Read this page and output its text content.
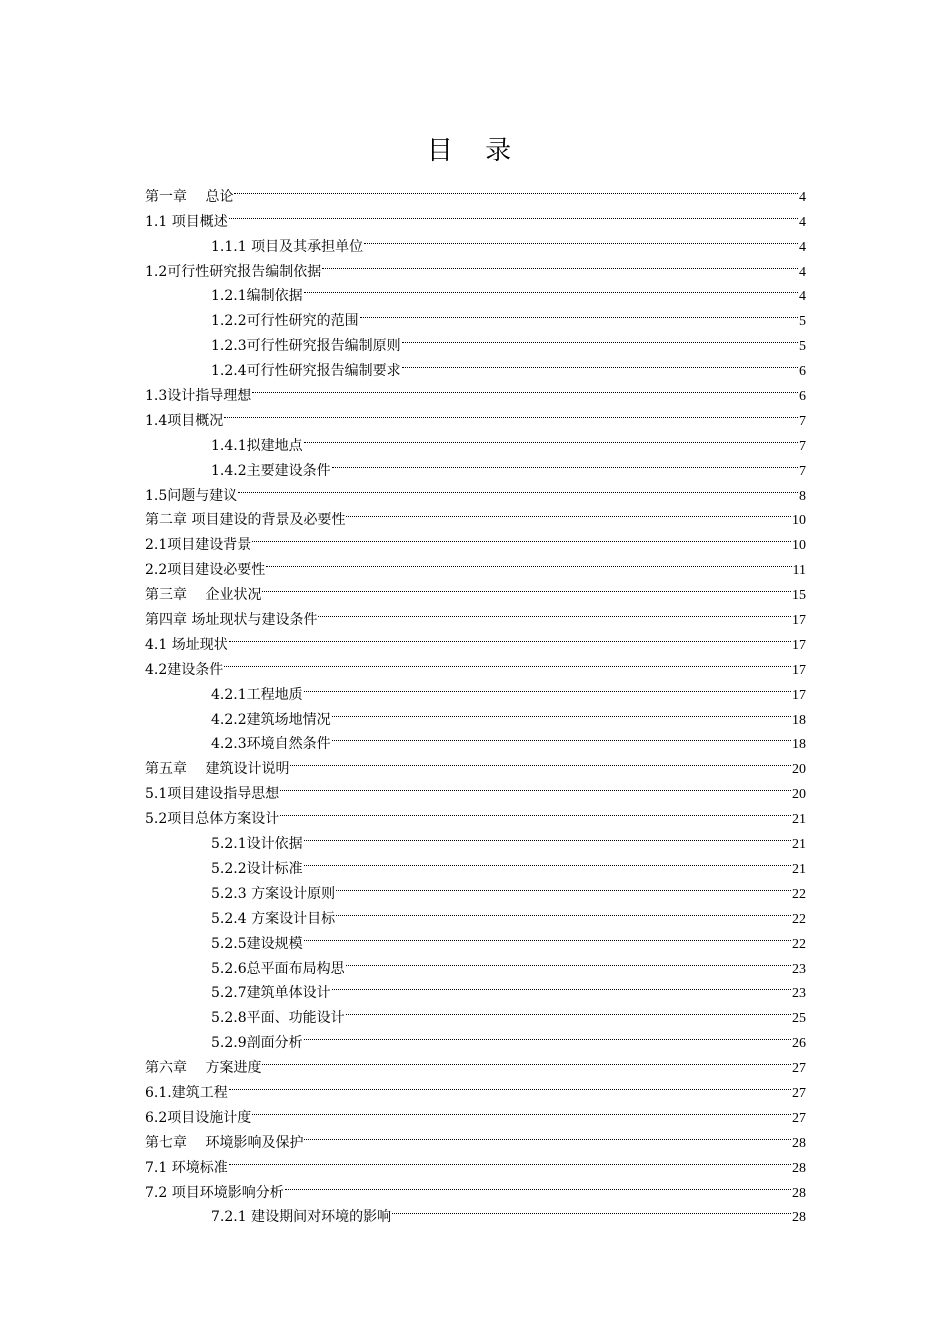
目 录
第一章　 总论	4
1.1 项目概述	4
1.1.1 项目及其承担单位	4
1.2可行性研究报告编制依据	4
1.2.1编制依据	4
1.2.2可行性研究的范围	5
1.2.3可行性研究报告编制原则	5
1.2.4可行性研究报告编制要求	6
1.3设计指导理想	6
1.4项目概况	7
1.4.1拟建地点	7
1.4.2主要建设条件	7
1.5问题与建议	8
第二章 项目建设的背景及必要性	10
2.1项目建设背景	10
2.2项目建设必要性	11
第三章　 企业状况	15
第四章 场址现状与建设条件	17
4.1 场址现状	17
4.2建设条件	17
4.2.1工程地质	17
4.2.2建筑场地情况	18
4.2.3环境自然条件	18
第五章　 建筑设计说明	20
5.1项目建设指导思想	20
5.2项目总体方案设计	21
5.2.1设计依据	21
5.2.2设计标准	21
5.2.3 方案设计原则	22
5.2.4 方案设计目标	22
5.2.5建设规模	22
5.2.6总平面布局构思	23
5.2.7建筑单体设计	23
5.2.8平面、功能设计	25
5.2.9剖面分析	26
第六章　 方案进度	27
6.1.建筑工程	27
6.2项目设施计度	27
第七章　 环境影响及保护	28
7.1 环境标准	28
7.2 项目环境影响分析	28
7.2.1 建设期间对环境的影响	28
